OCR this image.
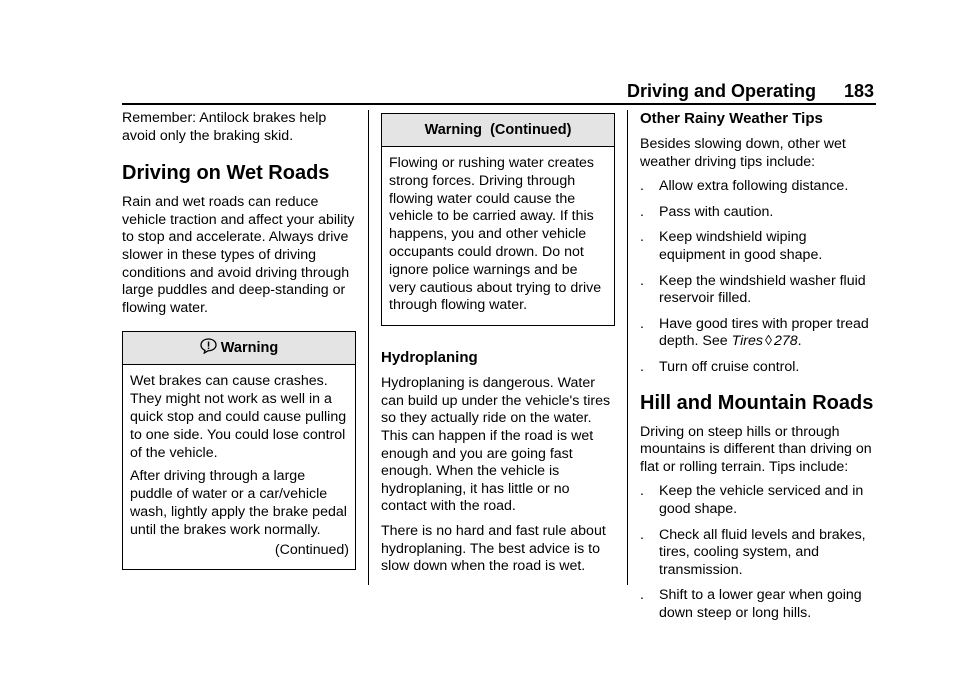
Driving and Operating 183

Remember: Antilock brakes help avoid only the braking skid.

Driving on Wet Roads

Rain and wet roads can reduce vehicle traction and affect your ability to stop and accelerate. Always drive slower in these types of driving conditions and avoid driving through large puddles and deep-standing or flowing water.

Warning

Wet brakes can cause crashes. They might not work as well in a quick stop and could cause pulling to one side. You could lose control of the vehicle.

After driving through a large puddle of water or a car/vehicle wash, lightly apply the brake pedal until the brakes work normally.

(Continued)

Warning  (Continued)

Flowing or rushing water creates strong forces. Driving through flowing water could cause the vehicle to be carried away. If this happens, you and other vehicle occupants could drown. Do not ignore police warnings and be very cautious about trying to drive through flowing water.

Hydroplaning

Hydroplaning is dangerous. Water can build up under the vehicle's tires so they actually ride on the water. This can happen if the road is wet enough and you are going fast enough. When the vehicle is hydroplaning, it has little or no contact with the road.

There is no hard and fast rule about hydroplaning. The best advice is to slow down when the road is wet.

Other Rainy Weather Tips

Besides slowing down, other wet weather driving tips include:

. Allow extra following distance.
. Pass with caution.
. Keep windshield wiping equipment in good shape.
. Keep the windshield washer fluid reservoir filled.
. Have good tires with proper tread depth. See Tires ◊ 278.
. Turn off cruise control.
Hill and Mountain Roads

Driving on steep hills or through mountains is different than driving on flat or rolling terrain. Tips include:

. Keep the vehicle serviced and in good shape.
. Check all fluid levels and brakes, tires, cooling system, and transmission.
. Shift to a lower gear when going down steep or long hills.
